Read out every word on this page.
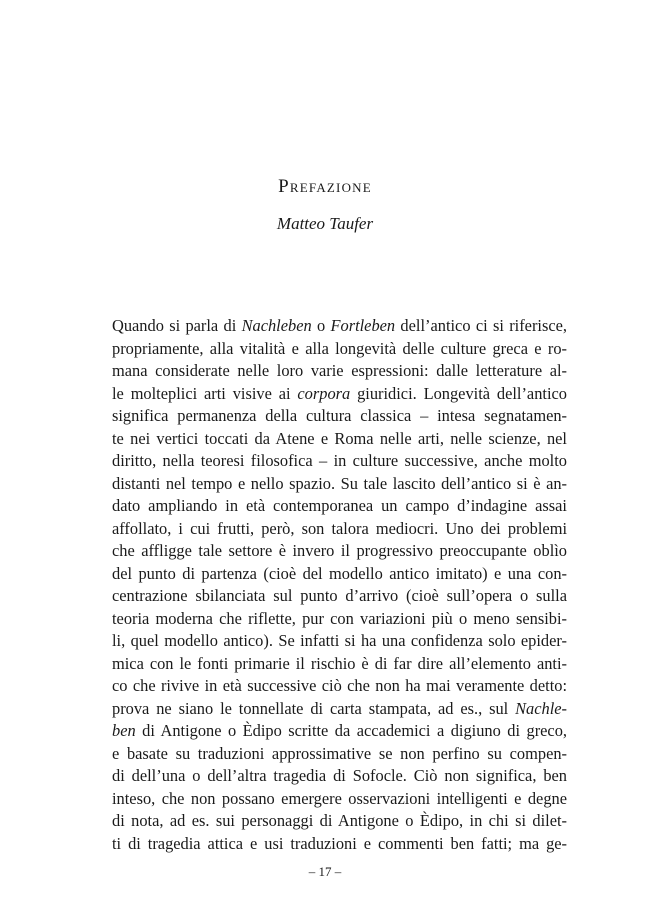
Prefazione
Matteo Taufer
Quando si parla di Nachleben o Fortleben dell’antico ci si riferisce,
propriamente, alla vitalità e alla longevità delle culture greca e ro-
mana considerate nelle loro varie espressioni: dalle letterature al-
le molteplici arti visive ai corpora giuridici. Longevità dell’antico
significa permanenza della cultura classica – intesa segnatamen-
te nei vertici toccati da Atene e Roma nelle arti, nelle scienze, nel
diritto, nella teoresi filosofica – in culture successive, anche molto
distanti nel tempo e nello spazio. Su tale lascito dell’antico si è an-
dato ampliando in età contemporanea un campo d’indagine assai
affollato, i cui frutti, però, son talora mediocri. Uno dei problemi
che affligge tale settore è invero il progressivo preoccupante oblìo
del punto di partenza (cioè del modello antico imitato) e una con-
centrazione sbilanciata sul punto d’arrivo (cioè sull’opera o sulla
teoria moderna che riflette, pur con variazioni più o meno sensibi-
li, quel modello antico). Se infatti si ha una confidenza solo epider-
mica con le fonti primarie il rischio è di far dire all’elemento anti-
co che rivive in età successive ciò che non ha mai veramente detto:
prova ne siano le tonnellate di carta stampata, ad es., sul Nachle-
ben di Antigone o Èdipo scritte da accademici a digiuno di greco,
e basate su traduzioni approssimative se non perfino su compen-
di dell’una o dell’altra tragedia di Sofocle. Ciò non significa, ben
inteso, che non possano emergere osservazioni intelligenti e degne
di nota, ad es. sui personaggi di Antigone o Èdipo, in chi si dilet-
ti di tragedia attica e usi traduzioni e commenti ben fatti; ma ge-
– 17 –
